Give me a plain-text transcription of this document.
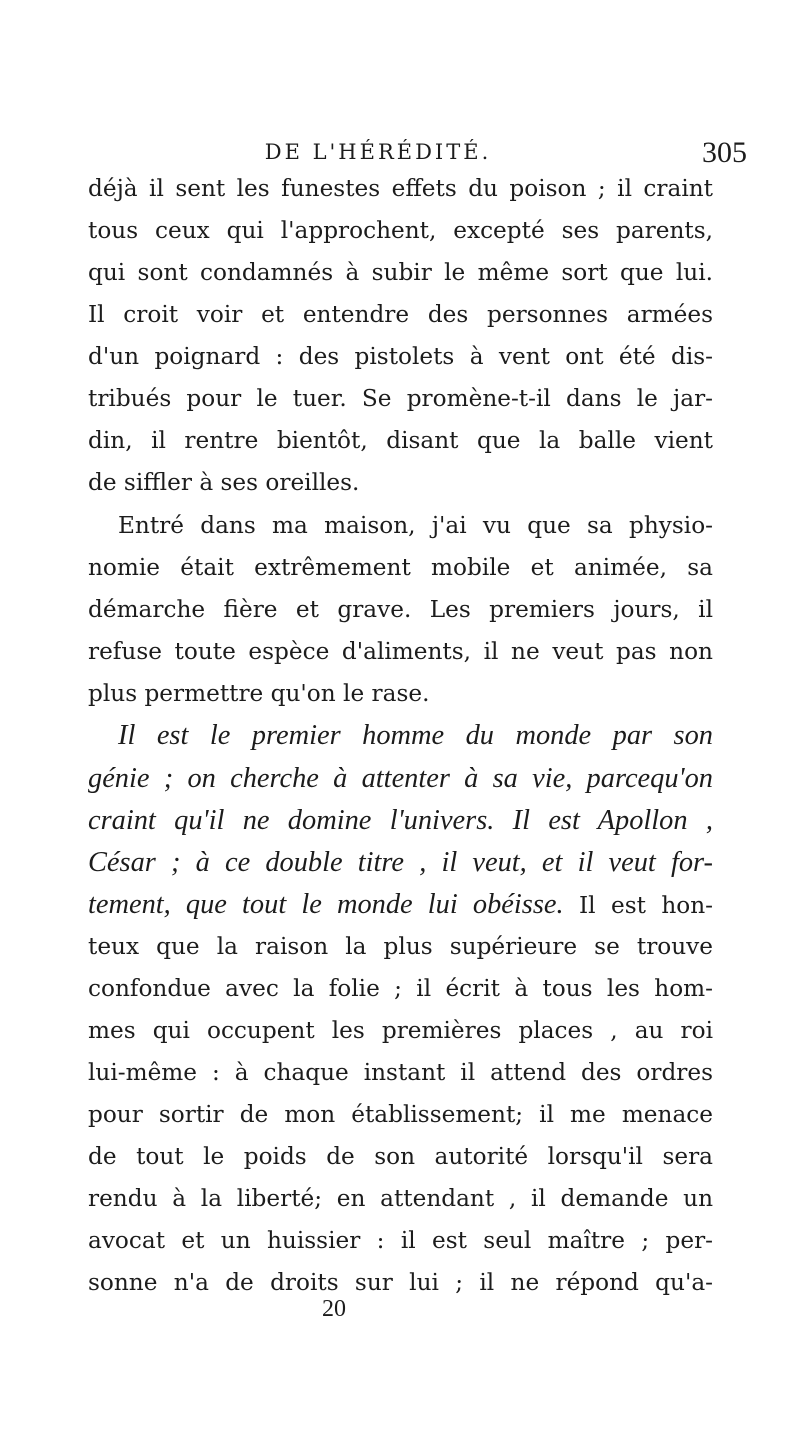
DE L'HÉRÉDITÉ.	305
déjà il sent les funestes effets du poison ; il craint
tous ceux qui l'approchent, excepté ses parents,
qui sont condamnés à subir le même sort que lui.
Il croit voir et entendre des personnes armées
d'un poignard : des pistolets à vent ont été dis-
tribués pour le tuer. Se promène-t-il dans le jar-
din, il rentre bientôt, disant que la balle vient
de siffler à ses oreilles.
Entré dans ma maison, j'ai vu que sa physio-
nomie était extrêmement mobile et animée, sa
démarche fière et grave. Les premiers jours, il
refuse toute espèce d'aliments, il ne veut pas non
plus permettre qu'on le rase.
Il est le premier homme du monde par son
génie ; on cherche à attenter à sa vie, parcequ'on
craint qu'il ne domine l'univers. Il est Apollon ,
César ; à ce double titre , il veut, et il veut for-
tement, que tout le monde lui obéisse. Il est hon-
teux que la raison la plus supérieure se trouve
confondue avec la folie ; il écrit à tous les hom-
mes qui occupent les premières places , au roi
lui-même : à chaque instant il attend des ordres
pour sortir de mon établissement; il me menace
de tout le poids de son autorité lorsqu'il sera
rendu à la liberté; en attendant , il demande un
avocat et un huissier : il est seul maître ; per-
sonne n'a de droits sur lui ; il ne répond qu'a-
20
